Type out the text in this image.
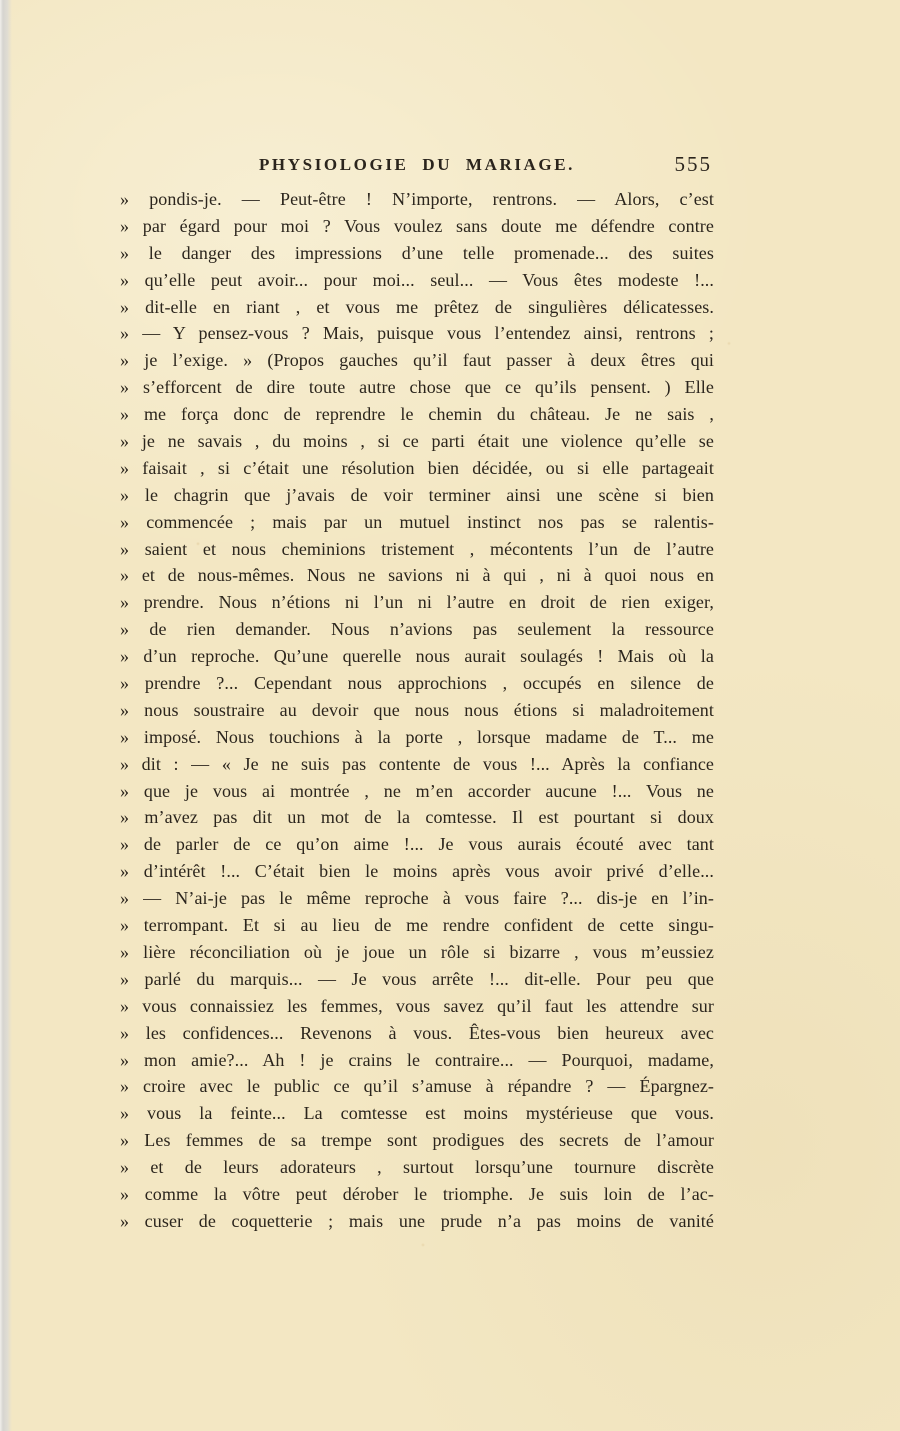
PHYSIOLOGIE DU MARIAGE.	555
» pondis-je. — Peut-être ! N’importe, rentrons. — Alors, c’est
» par égard pour moi ? Vous voulez sans doute me défendre contre
» le danger des impressions d’une telle promenade... des suites
» qu’elle peut avoir... pour moi... seul... — Vous êtes modeste !...
» dit-elle en riant , et vous me prêtez de singulières délicatesses.
» — Y pensez-vous ? Mais, puisque vous l’entendez ainsi, rentrons ;
» je l’exige. » (Propos gauches qu’il faut passer à deux êtres qui
» s’efforcent de dire toute autre chose que ce qu’ils pensent. ) Elle
» me força donc de reprendre le chemin du château. Je ne sais ,
» je ne savais , du moins , si ce parti était une violence qu’elle se
» faisait , si c’était une résolution bien décidée, ou si elle partageait
» le chagrin que j’avais de voir terminer ainsi une scène si bien
» commencée ; mais par un mutuel instinct nos pas se ralentis-
» saient et nous cheminions tristement , mécontents l’un de l’autre
» et de nous-mêmes. Nous ne savions ni à qui , ni à quoi nous en
» prendre. Nous n’étions ni l’un ni l’autre en droit de rien exiger,
» de rien demander. Nous n’avions pas seulement la ressource
» d’un reproche. Qu’une querelle nous aurait soulagés ! Mais où la
» prendre ?... Cependant nous approchions , occupés en silence de
» nous soustraire au devoir que nous nous étions si maladroitement
» imposé. Nous touchions à la porte , lorsque madame de T... me
» dit : — « Je ne suis pas contente de vous !... Après la confiance
» que je vous ai montrée , ne m’en accorder aucune !... Vous ne
» m’avez pas dit un mot de la comtesse. Il est pourtant si doux
» de parler de ce qu’on aime !... Je vous aurais écouté avec tant
» d’intérêt !... C’était bien le moins après vous avoir privé d’elle...
» — N’ai-je pas le même reproche à vous faire ?... dis-je en l’in-
» terrompant. Et si au lieu de me rendre confident de cette singu-
» lière réconciliation où je joue un rôle si bizarre , vous m’eussiez
» parlé du marquis... — Je vous arrête !... dit-elle. Pour peu que
» vous connaissiez les femmes, vous savez qu’il faut les attendre sur
» les confidences... Revenons à vous. Êtes-vous bien heureux avec
» mon amie?... Ah ! je crains le contraire... — Pourquoi, madame,
» croire avec le public ce qu’il s’amuse à répandre ? — Épargnez-
» vous la feinte... La comtesse est moins mystérieuse que vous.
» Les femmes de sa trempe sont prodigues des secrets de l’amour
» et de leurs adorateurs , surtout lorsqu’une tournure discrète
» comme la vôtre peut dérober le triomphe. Je suis loin de l’ac-
» cuser de coquetterie ; mais une prude n’a pas moins de vanité
